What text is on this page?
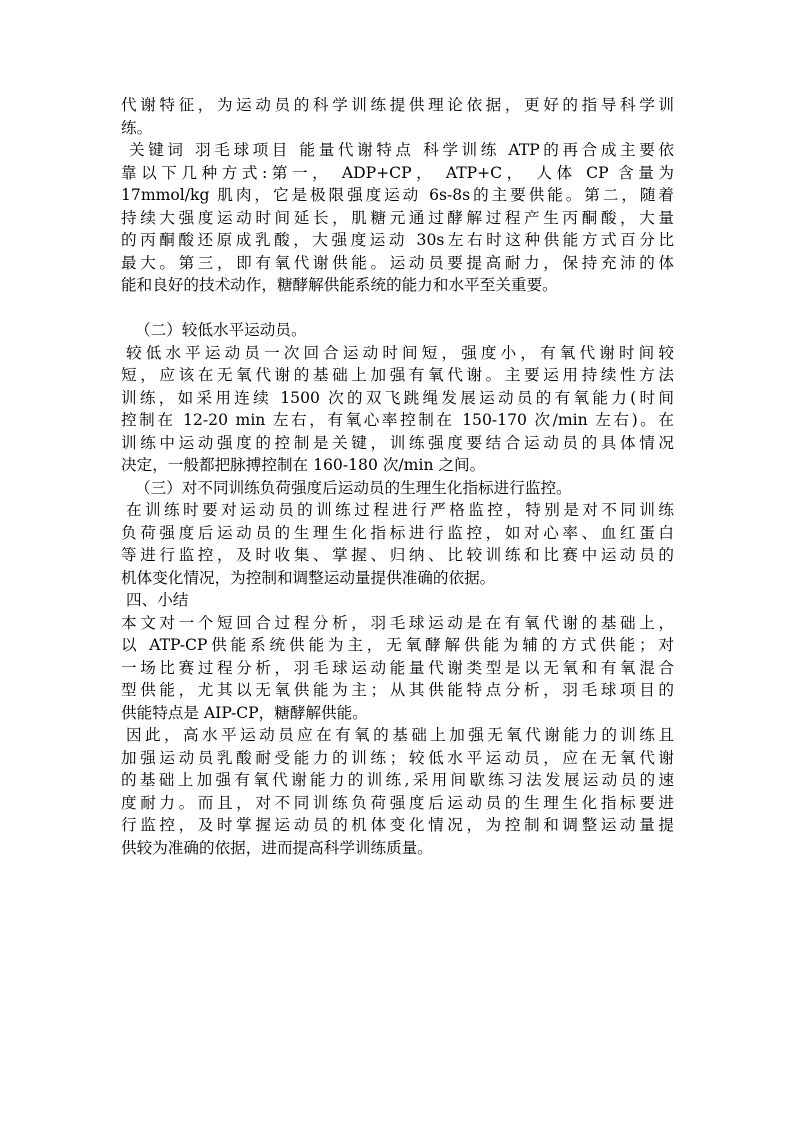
代谢特征，为运动员的科学训练提供理论依据，更好的指导科学训
练。
关键词 羽毛球项目 能量代谢特点 科学训练 ATP的再合成主要依
靠以下几种方式:第一， ADP+CP， ATP+C， 人体 CP 含量为
17mmol/kg 肌肉，它是极限强度运动 6s-8s的主要供能。第二，随着
持续大强度运动时间延长，肌糖元通过酵解过程产生丙酮酸，大量
的丙酮酸还原成乳酸，大强度运动 30s左右时这种供能方式百分比
最大。第三，即有氧代谢供能。运动员要提高耐力，保持充沛的体
能和良好的技术动作，糖酵解供能系统的能力和水平至关重要。
（二）较低水平运动员。
较低水平运动员一次回合运动时间短，强度小，有氧代谢时间较
短，应该在无氧代谢的基础上加强有氧代谢。主要运用持续性方法
训练，如采用连续 1500 次的双飞跳绳发展运动员的有氧能力(时间
控制在 12-20 min 左右，有氧心率控制在 150-170 次/min 左右)。在
训练中运动强度的控制是关键，训练强度要结合运动员的具体情况
决定，一般都把脉搏控制在 160-180 次/min 之间。
（三）对不同训练负荷强度后运动员的生理生化指标进行监控。
在训练时要对运动员的训练过程进行严格监控，特别是对不同训练
负荷强度后运动员的生理生化指标进行监控，如对心率、血红蛋白
等进行监控，及时收集、掌握、归纳、比较训练和比赛中运动员的
机体变化情况，为控制和调整运动量提供准确的依据。
四、小结
本文对一个短回合过程分析，羽毛球运动是在有氧代谢的基础上，
以 ATP-CP供能系统供能为主，无氧酵解供能为辅的方式供能；对
一场比赛过程分析，羽毛球运动能量代谢类型是以无氧和有氧混合
型供能，尤其以无氧供能为主；从其供能特点分析，羽毛球项目的
供能特点是 AIP-CP，糖酵解供能。
因此，高水平运动员应在有氧的基础上加强无氧代谢能力的训练且
加强运动员乳酸耐受能力的训练；较低水平运动员，应在无氧代谢
的基础上加强有氧代谢能力的训练,采用间歇练习法发展运动员的速
度耐力。而且，对不同训练负荷强度后运动员的生理生化指标要进
行监控，及时掌握运动员的机体变化情况，为控制和调整运动量提
供较为准确的依据，进而提高科学训练质量。
